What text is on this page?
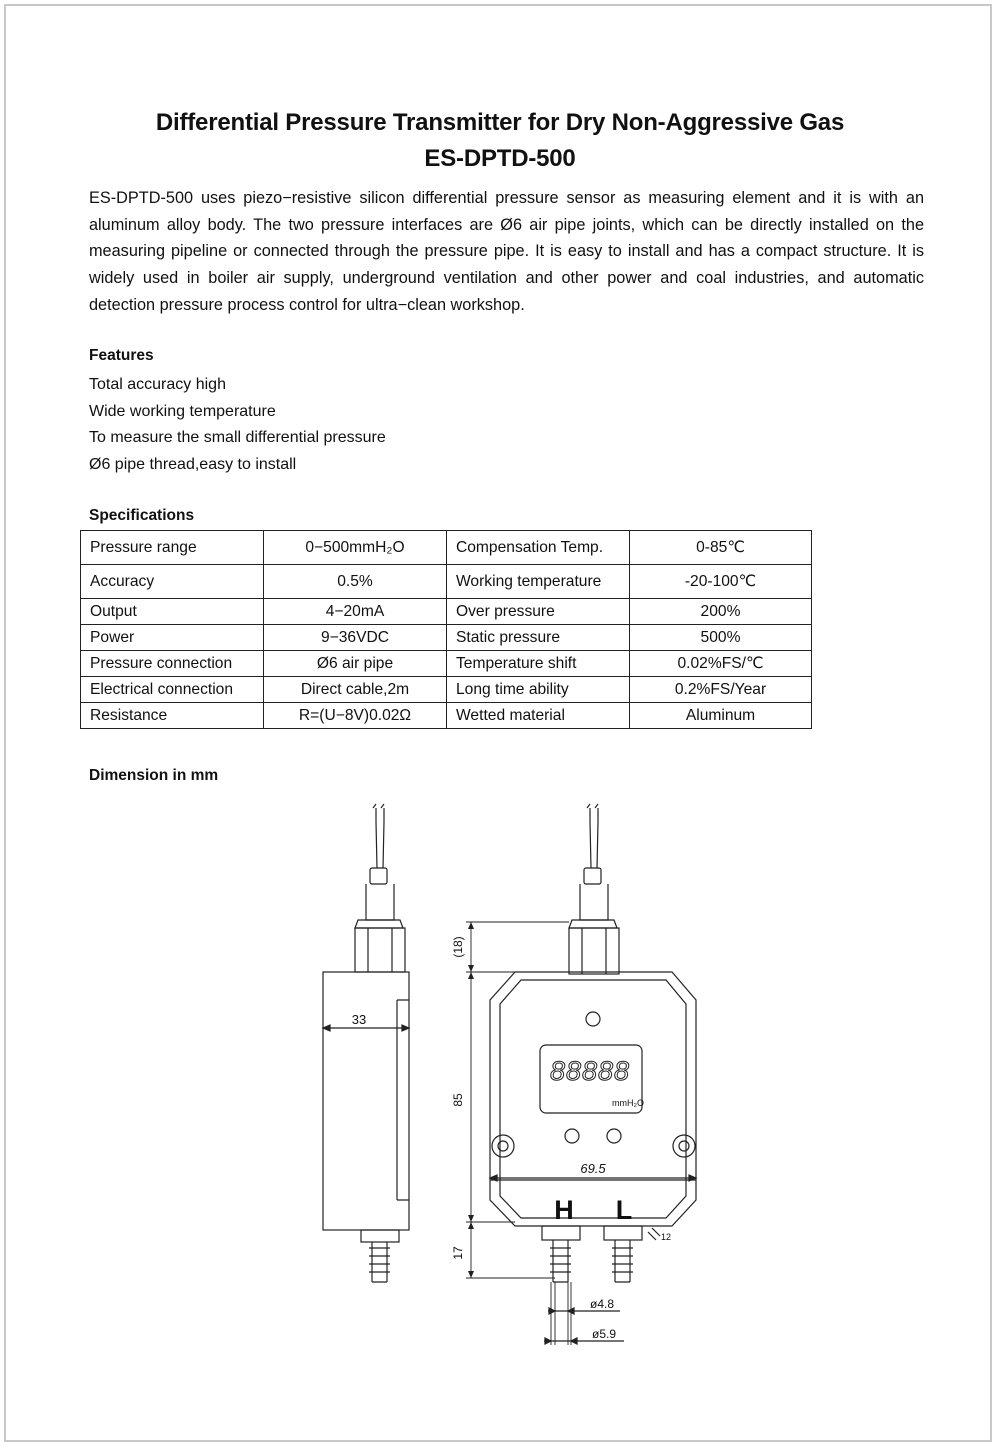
Differential Pressure Transmitter for Dry Non-Aggressive Gas
ES-DPTD-500

ES-DPTD-500 uses piezo−resistive silicon differential pressure sensor as measuring element and it is with an aluminum alloy body. The two pressure interfaces are Ø6 air pipe joints, which can be directly installed on the measuring pipeline or connected through the pressure pipe. It is easy to install and has a compact structure. It is widely used in boiler air supply, underground ventilation and other power and coal industries, and automatic detection pressure process control for ultra−clean workshop.

Features
Total accuracy high
Wide working temperature
To measure the small differential pressure
Ø6 pipe thread,easy to install
Specifications
Pressure range	0−500mmH₂O	Compensation Temp.	0-85℃
Accuracy	0.5%	Working temperature	-20-100℃
Output	4−20mA	Over pressure	200%
Power	9−36VDC	Static pressure	500%
Pressure connection	Ø6 air pipe	Temperature shift	0.02%FS/℃
Electrical connection	Direct cable,2m	Long time ability	0.2%FS/Year
Resistance	R=(U−8V)0.02Ω	Wetted material	Aluminum
Dimension in mm
33
88888
mmH₂O
69.5
H L
12
ø4.8
ø5.9
(18)
85
17
